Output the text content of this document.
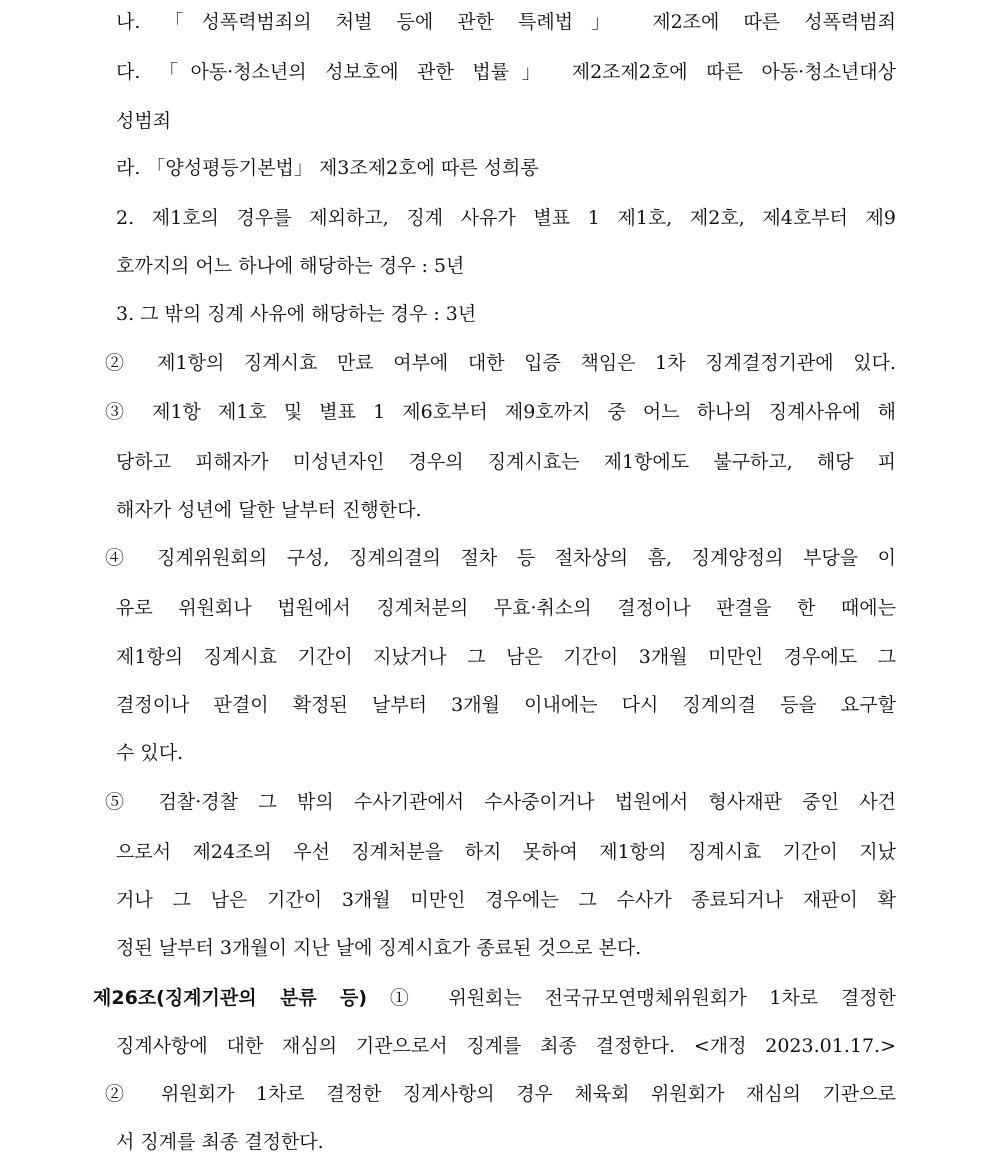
나. 「성폭력범죄의 처벌 등에 관한 특례법」 제2조에 따른 성폭력범죄

다. 「아동·청소년의 성보호에 관한 법률」 제2조제2호에 따른 아동·청소년대상

성범죄

라. 「양성평등기본법」 제3조제2호에 따른 성희롱

2. 제1호의 경우를 제외하고, 징계 사유가 별표 1 제1호, 제2호, 제4호부터 제9

호까지의 어느 하나에 해당하는 경우 : 5년

3. 그 밖의 징계 사유에 해당하는 경우 : 3년

② 제1항의 징계시효 만료 여부에 대한 입증 책임은 1차 징계결정기관에 있다.

③ 제1항 제1호 및 별표 1 제6호부터 제9호까지 중 어느 하나의 징계사유에 해

당하고 피해자가 미성년자인 경우의 징계시효는 제1항에도 불구하고, 해당 피

해자가 성년에 달한 날부터 진행한다.

④ 징계위원회의 구성, 징계의결의 절차 등 절차상의 흠, 징계양정의 부당을 이

유로 위원회나 법원에서 징계처분의 무효·취소의 결정이나 판결을 한 때에는

제1항의 징계시효 기간이 지났거나 그 남은 기간이 3개월 미만인 경우에도 그

결정이나 판결이 확정된 날부터 3개월 이내에는 다시 징계의결 등을 요구할

수 있다.

⑤ 검찰·경찰 그 밖의 수사기관에서 수사중이거나 법원에서 형사재판 중인 사건

으로서 제24조의 우선 징계처분을 하지 못하여 제1항의 징계시효 기간이 지났

거나 그 남은 기간이 3개월 미만인 경우에는 그 수사가 종료되거나 재판이 확

정된 날부터 3개월이 지난 날에 징계시효가 종료된 것으로 본다.

제26조(징계기관의 분류 등) ① 위원회는 전국규모연맹체위원회가 1차로 결정한

징계사항에 대한 재심의 기관으로서 징계를 최종 결정한다. <개정 2023.01.17.>

② 위원회가 1차로 결정한 징계사항의 경우 체육회 위원회가 재심의 기관으로

서 징계를 최종 결정한다.
